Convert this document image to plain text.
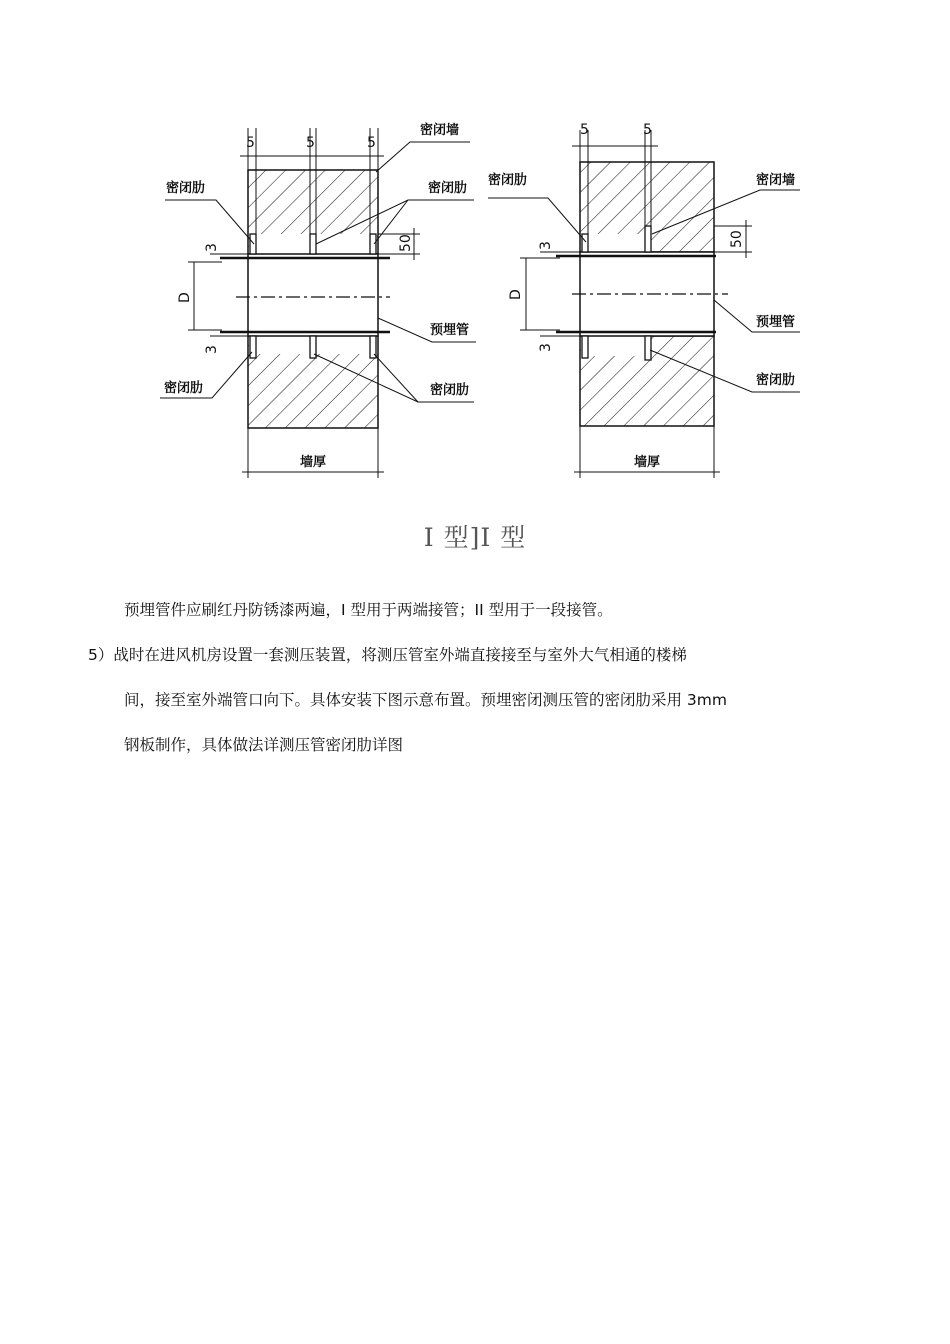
5	5	5
50
3
3
D
墙厚
密闭墙
密闭肋	密闭肋
预埋管
密闭肋	密闭肋
5	5
50
3
3
D
墙厚
密闭肋	密闭墙
预埋管
密闭肋
I 型]I 型
预埋管件应刷红丹防锈漆两遍，I 型用于两端接管；II 型用于一段接管。
5）战时在进风机房设置一套测压装置，将测压管室外端直接接至与室外大气相通的楼梯
间，接至室外端管口向下。具体安装下图示意布置。预埋密闭测压管的密闭肋采用 3mm
钢板制作，具体做法详测压管密闭肋详图
